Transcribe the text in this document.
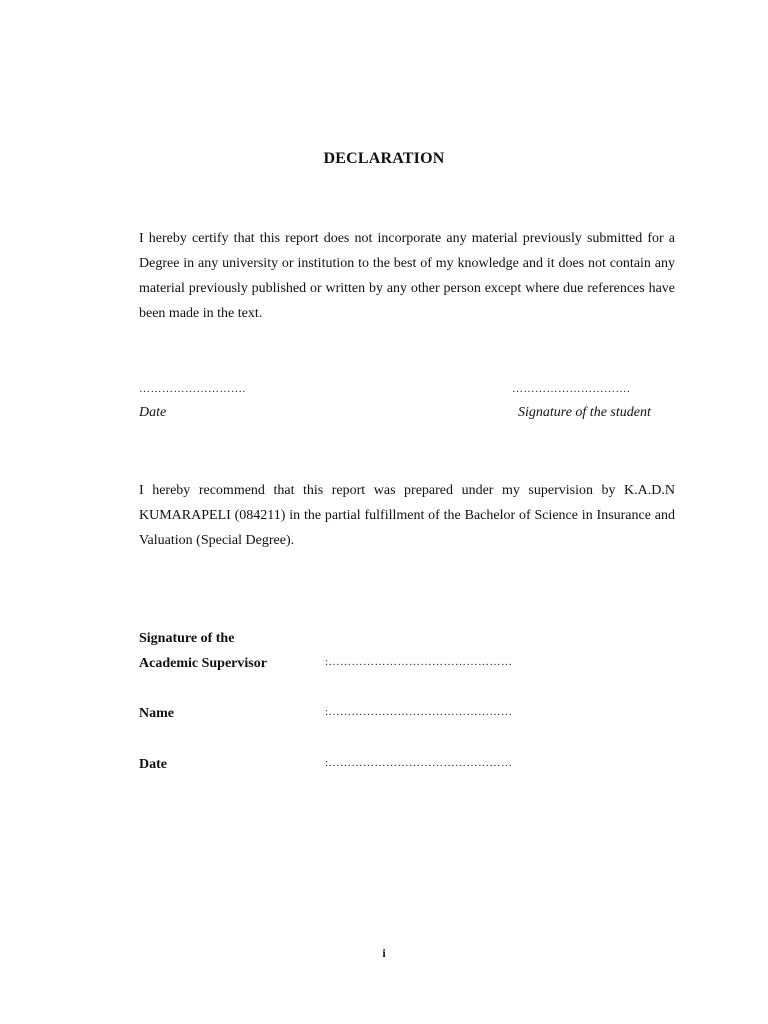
DECLARATION
I hereby certify that this report does not incorporate any material previously submitted for a Degree in any university or institution to the best of my knowledge and it does not contain any material previously published or written by any other person except where due references have been made in the text.
……………………….	………………………….
Date	Signature of the student
I hereby recommend that this report was prepared under my supervision by K.A.D.N KUMARAPELI (084211) in the partial fulfillment of the Bachelor of Science in Insurance and Valuation (Special Degree).
Signature of the
Academic Supervisor	:…………………………………………
Name	:…………………………………………
Date	:…………………………………………
i
